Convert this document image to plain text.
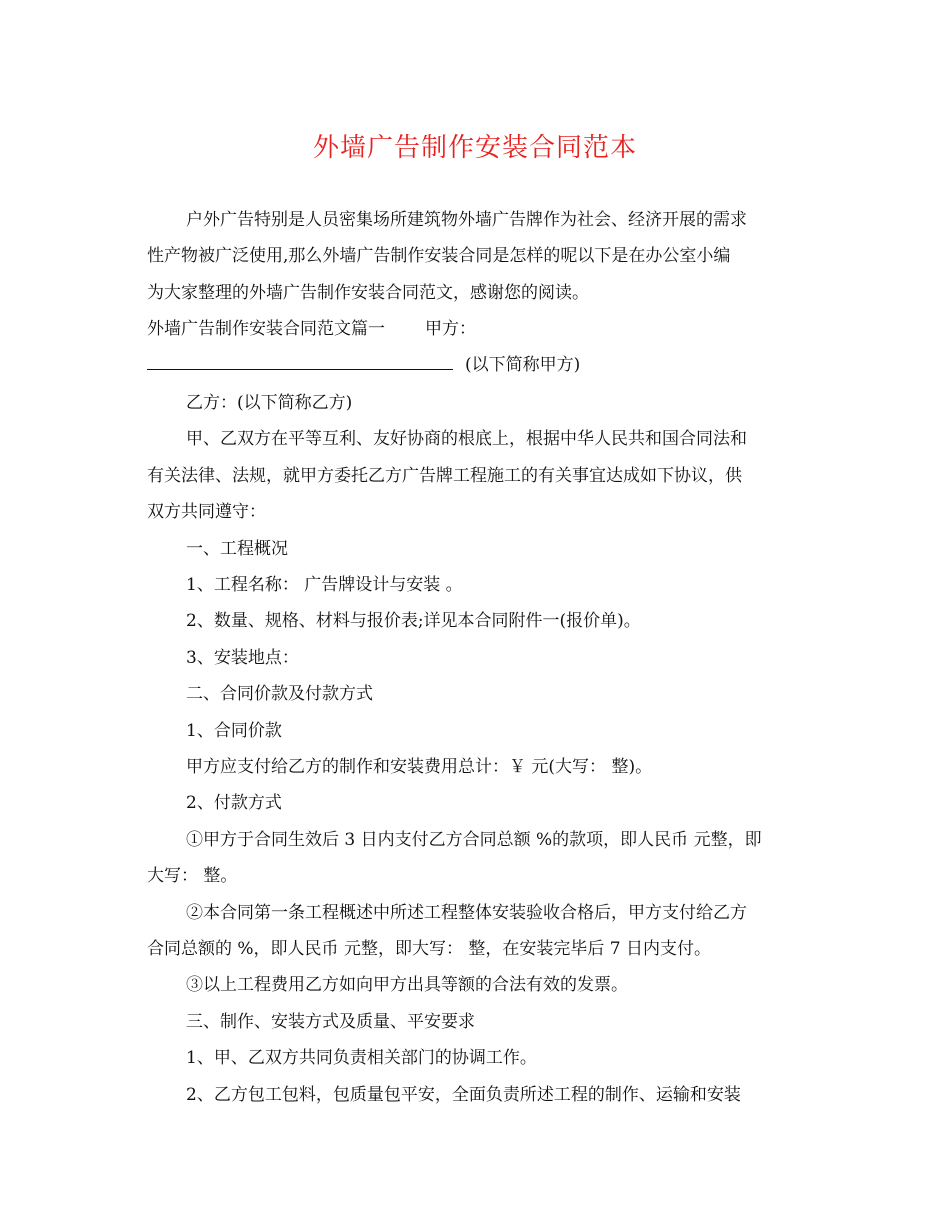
外墙广告制作安装合同范本
户外广告特别是人员密集场所建筑物外墙广告牌作为社会、经济开展的需求
性产物被广泛使用,那么外墙广告制作安装合同是怎样的呢以下是在办公室小编
为大家整理的外墙广告制作安装合同范文，感谢您的阅读。
外墙广告制作安装合同范文篇一 甲方：
(以下简称甲方)
乙方：(以下简称乙方)
甲、乙双方在平等互利、友好协商的根底上，根据中华人民共和国合同法和
有关法律、法规，就甲方委托乙方广告牌工程施工的有关事宜达成如下协议，供
双方共同遵守：
一、工程概况
1、工程名称： 广告牌设计与安装 。
2、数量、规格、材料与报价表;详见本合同附件一(报价单)。
3、安装地点：
二、合同价款及付款方式
1、合同价款
甲方应支付给乙方的制作和安装费用总计：￥ 元(大写： 整)。
2、付款方式
①甲方于合同生效后 3 日内支付乙方合同总额 %的款项，即人民币 元整，即
大写： 整。
②本合同第一条工程概述中所述工程整体安装验收合格后，甲方支付给乙方
合同总额的 %，即人民币 元整，即大写： 整，在安装完毕后 7 日内支付。
③以上工程费用乙方如向甲方出具等额的合法有效的发票。
三、制作、安装方式及质量、平安要求
1、甲、乙双方共同负责相关部门的协调工作。
2、乙方包工包料，包质量包平安，全面负责所述工程的制作、运输和安装
